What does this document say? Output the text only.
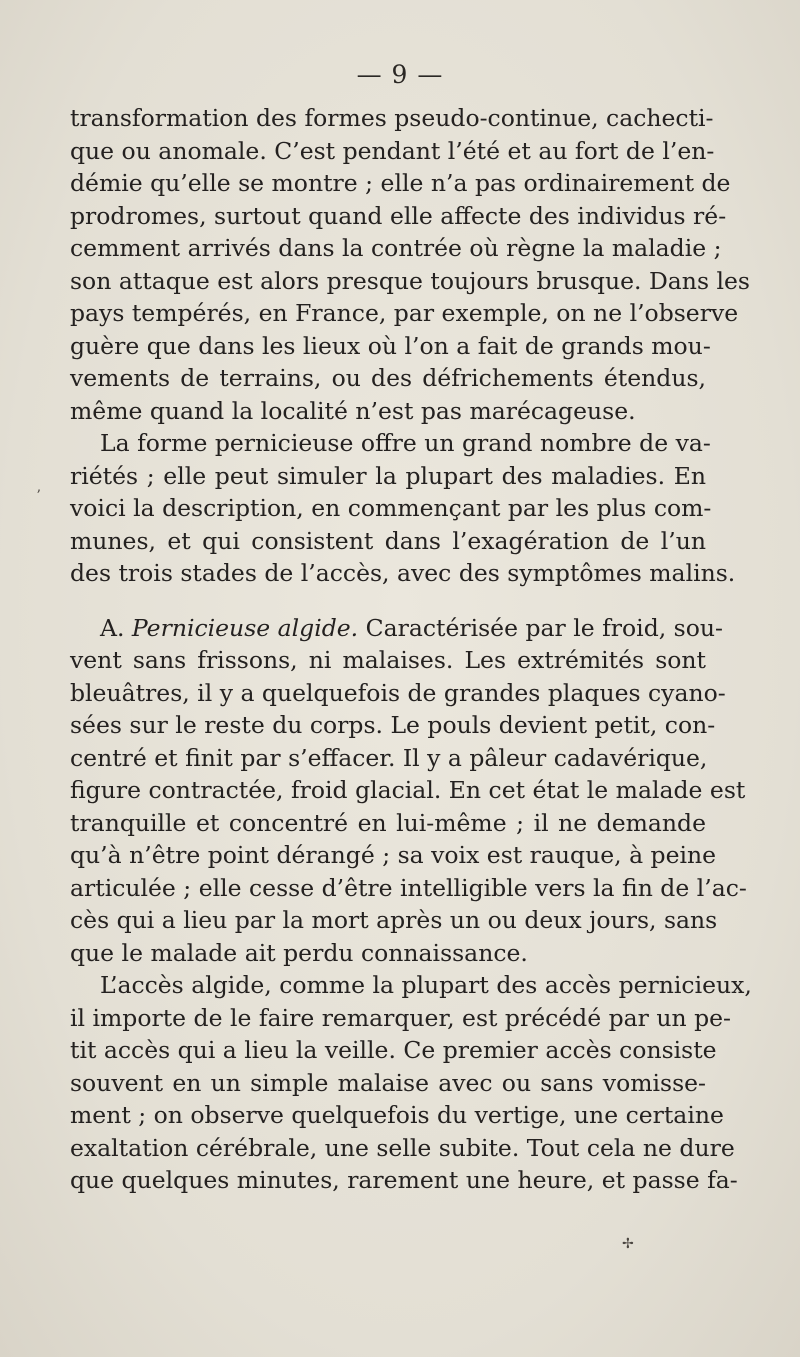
— 9 —
transformation des formes pseudo-continue, cachecti-
que ou anomale. C’est pendant l’été et au fort de l’en-
démie qu’elle se montre ; elle n’a pas ordinairement de
prodromes, surtout quand elle affecte des individus ré-
cemment arrivés dans la contrée où règne la maladie ;
son attaque est alors presque toujours brusque. Dans les
pays tempérés, en France, par exemple, on ne l’observe
guère que dans les lieux où l’on a fait de grands mou-
vements de terrains, ou des défrichements étendus,
même quand la localité n’est pas marécageuse.
La forme pernicieuse offre un grand nombre de va-
riétés ; elle peut simuler la plupart des maladies. En
voici la description, en commençant par les plus com-
munes, et qui consistent dans l’exagération de l’un
des trois stades de l’accès, avec des symptômes malins.
A. Pernicieuse algide. Caractérisée par le froid, sou-
vent sans frissons, ni malaises. Les extrémités sont
bleuâtres, il y a quelquefois de grandes plaques cyano-
sées sur le reste du corps. Le pouls devient petit, con-
centré et finit par s’effacer. Il y a pâleur cadavérique,
figure contractée, froid glacial. En cet état le malade est
tranquille et concentré en lui-même ; il ne demande
qu’à n’être point dérangé ; sa voix est rauque, à peine
articulée ; elle cesse d’être intelligible vers la fin de l’ac-
cès qui a lieu par la mort après un ou deux jours, sans
que le malade ait perdu connaissance.
L’accès algide, comme la plupart des accès pernicieux,
il importe de le faire remarquer, est précédé par un pe-
tit accès qui a lieu la veille. Ce premier accès consiste
souvent en un simple malaise avec ou sans vomisse-
ment ; on observe quelquefois du vertige, une certaine
exaltation cérébrale, une selle subite. Tout cela ne dure
que quelques minutes, rarement une heure, et passe fa-
ʼ
✢
